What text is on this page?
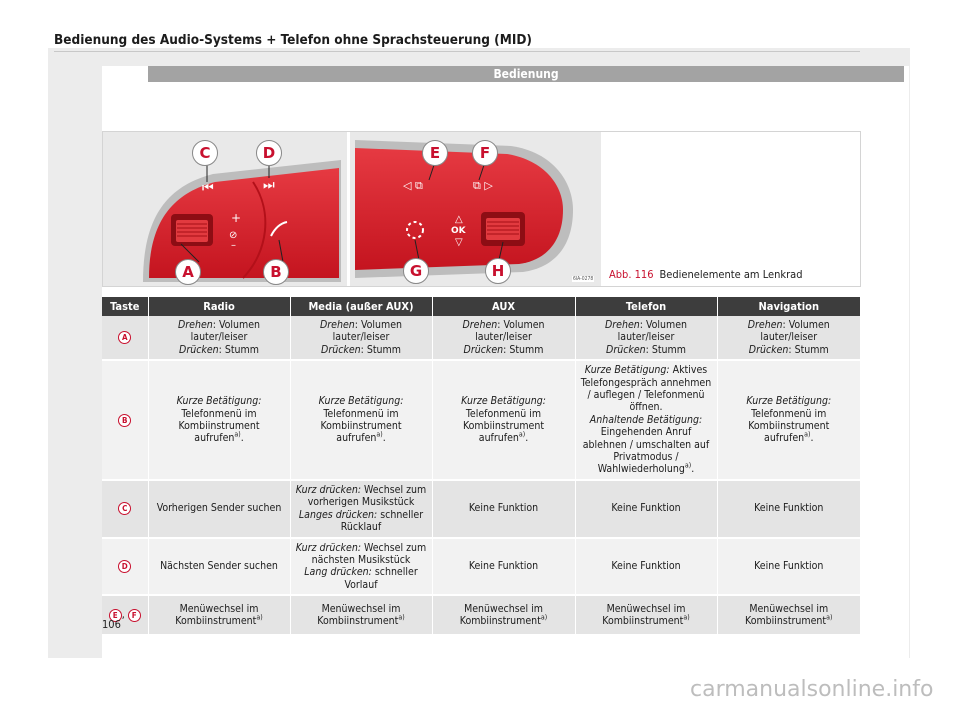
Bedienung
Bedienung des Audio-Systems + Telefon ohne Sprachsteuerung (MID)
+
⊘
–
⏮	⏭
△
OK
▽
◁ ⧉	⧉ ▷
C	D
A	B
E	F
G	H	6IA-0278 Abb. 116 Bedienelemente am Lenkrad
Taste	Radio	Media (außer AUX)	AUX	Telefon	Navigation
A	Drehen: Volumen lauter/leiser
Drücken: Stumm	Drehen: Volumen lauter/leiser
Drücken: Stumm	Drehen: Volumen lauter/leiser
Drücken: Stumm	Drehen: Volumen lauter/leiser
Drücken: Stumm	Drehen: Volumen lauter/leiser
Drücken: Stumm
B	Kurze Betätigung: Telefonmenü im Kombiinstrument aufrufen$^{a)}$.	Kurze Betätigung: Telefonmenü im Kombiinstrument aufrufen$^{a)}$.	Kurze Betätigung: Telefonmenü im Kombiinstrument aufrufen$^{a)}$.	Kurze Betätigung: Aktives Telefongespräch annehmen / auflegen / Telefonmenü öffnen.
Anhaltende Betätigung: Eingehenden Anruf ablehnen / umschalten auf Privatmodus / Wahlwiederholung$^{a)}$.	Kurze Betätigung: Telefonmenü im Kombiinstrument aufrufen$^{a)}$.
C	Vorherigen Sender suchen	Kurz drücken: Wechsel zum vorherigen Musikstück
Langes drücken: schneller Rücklauf	Keine Funktion	Keine Funktion	Keine Funktion
D	Nächsten Sender suchen	Kurz drücken: Wechsel zum nächsten Musikstück
Lang drücken: schneller Vorlauf	Keine Funktion	Keine Funktion	Keine Funktion
E , F	Menüwechsel im Kombiinstrument$^{a)}$	Menüwechsel im Kombiinstrument$^{a)}$	Menüwechsel im Kombiinstrument$^{a)}$	Menüwechsel im Kombiinstrument$^{a)}$	Menüwechsel im Kombiinstrument$^{a)}$
106
carmanualsonline.info
